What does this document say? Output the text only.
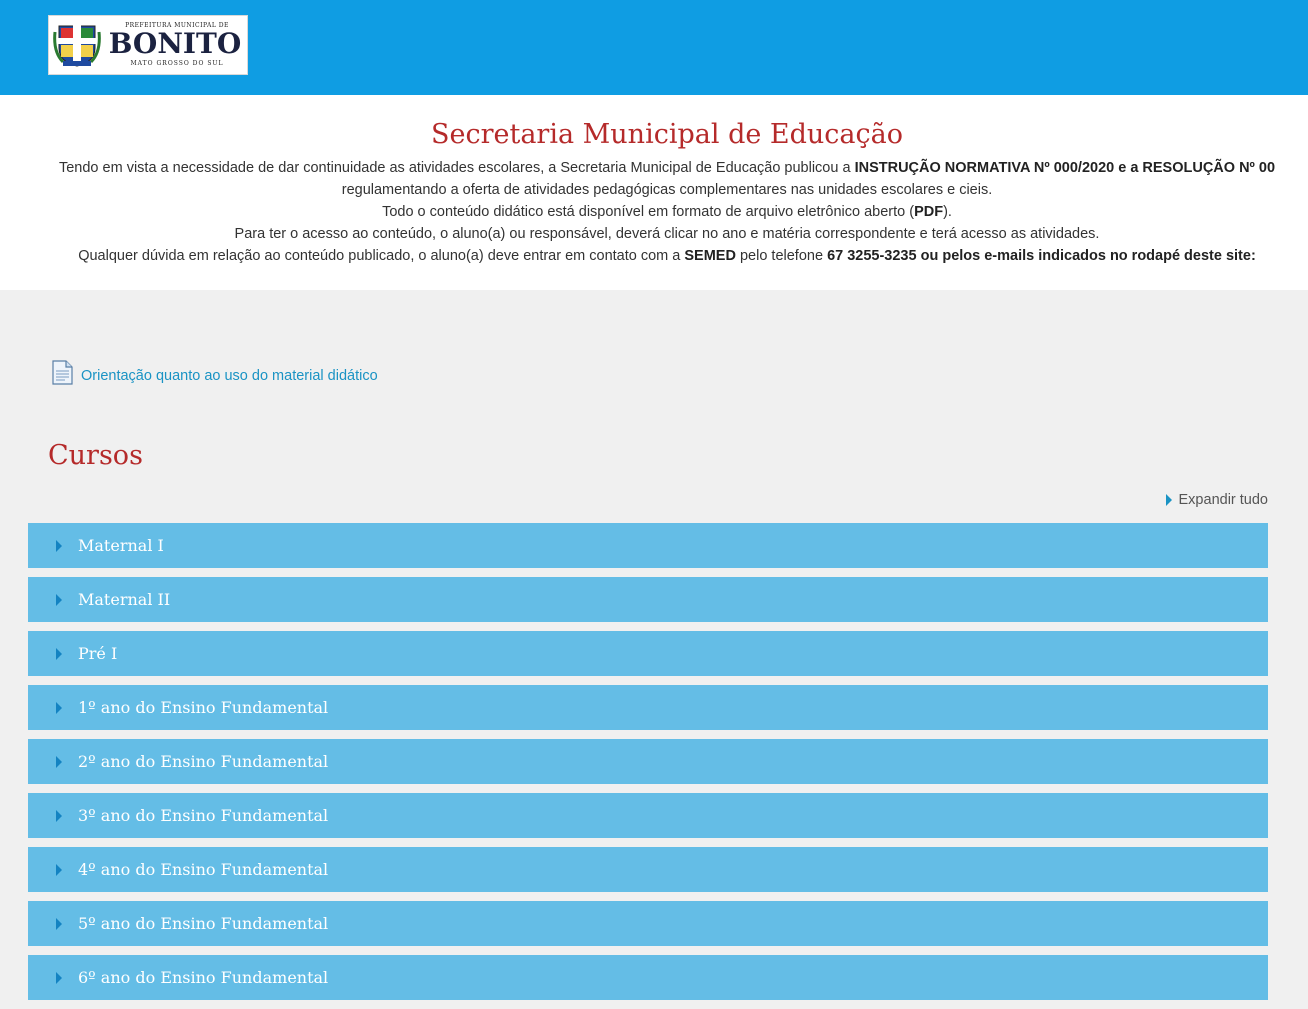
PREFEITURA MUNICIPAL DE
BONITO
MATO GROSSO DO SUL
Secretaria Municipal de Educação
Tendo em vista a necessidade de dar continuidade as atividades escolares, a Secretaria Municipal de Educação publicou a INSTRUÇÃO NORMATIVA Nº 000/2020 e a RESOLUÇÃO Nº 00
regulamentando a oferta de atividades pedagógicas complementares nas unidades escolares e cieis.
Todo o conteúdo didático está disponível em formato de arquivo eletrônico aberto (PDF).
Para ter o acesso ao conteúdo, o aluno(a) ou responsável, deverá clicar no ano e matéria correspondente e terá acesso as atividades.
Qualquer dúvida em relação ao conteúdo publicado, o aluno(a) deve entrar em contato com a SEMED pelo telefone 67 3255-3235 ou pelos e-mails indicados no rodapé deste site:
Orientação quanto ao uso do material didático
Cursos
Expandir tudo
Maternal I
Maternal II
Pré I
1º ano do Ensino Fundamental
2º ano do Ensino Fundamental
3º ano do Ensino Fundamental
4º ano do Ensino Fundamental
5º ano do Ensino Fundamental
6º ano do Ensino Fundamental
